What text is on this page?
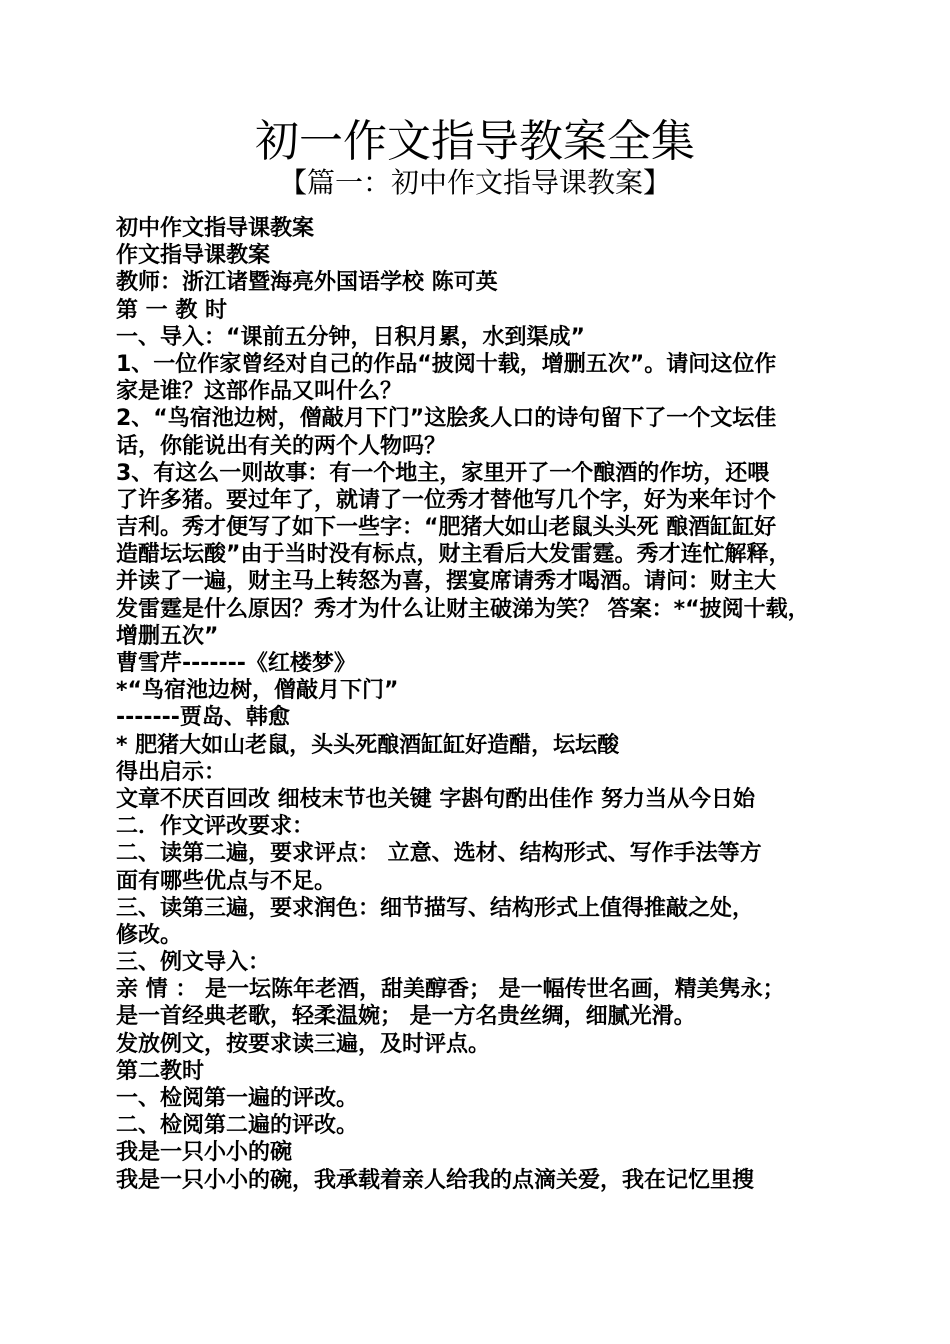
初一作文指导教案全集
【篇一：初中作文指导课教案】
初中作文指导课教案
作文指导课教案
教师：浙江诸暨海亮外国语学校 陈可英
第 一 教 时
一、导入：“课前五分钟，日积月累，水到渠成”
1、一位作家曾经对自己的作品“披阅十载，增删五次”。请问这位作
家是谁？这部作品又叫什么？
2、“鸟宿池边树，僧敲月下门”这脍炙人口的诗句留下了一个文坛佳
话，你能说出有关的两个人物吗？
3、有这么一则故事：有一个地主，家里开了一个酿酒的作坊，还喂
了许多猪。要过年了，就请了一位秀才替他写几个字，好为来年讨个
吉利。秀才便写了如下一些字：“肥猪大如山老鼠头头死 酿酒缸缸好
造醋坛坛酸”由于当时没有标点，财主看后大发雷霆。秀才连忙解释，
并读了一遍，财主马上转怒为喜，摆宴席请秀才喝酒。请问：财主大
发雷霆是什么原因？秀才为什么让财主破涕为笑？ 答案：*“披阅十载，
增删五次”
曹雪芹-------《红楼梦》
*“鸟宿池边树，僧敲月下门”
-------贾岛、韩愈
* 肥猪大如山老鼠，头头死酿酒缸缸好造醋，坛坛酸
得出启示：
文章不厌百回改 细枝末节也关键 字斟句酌出佳作 努力当从今日始
二．作文评改要求：
二、读第二遍，要求评点： 立意、选材、结构形式、写作手法等方
面有哪些优点与不足。
三、读第三遍，要求润色：细节描写、结构形式上值得推敲之处，
修改。
三、例文导入：
亲 情 ： 是一坛陈年老酒，甜美醇香； 是一幅传世名画，精美隽永；
是一首经典老歌，轻柔温婉； 是一方名贵丝绸，细腻光滑。
发放例文，按要求读三遍，及时评点。
第二教时
一、检阅第一遍的评改。
二、检阅第二遍的评改。
我是一只小小的碗
我是一只小小的碗，我承载着亲人给我的点滴关爱，我在记忆里搜
